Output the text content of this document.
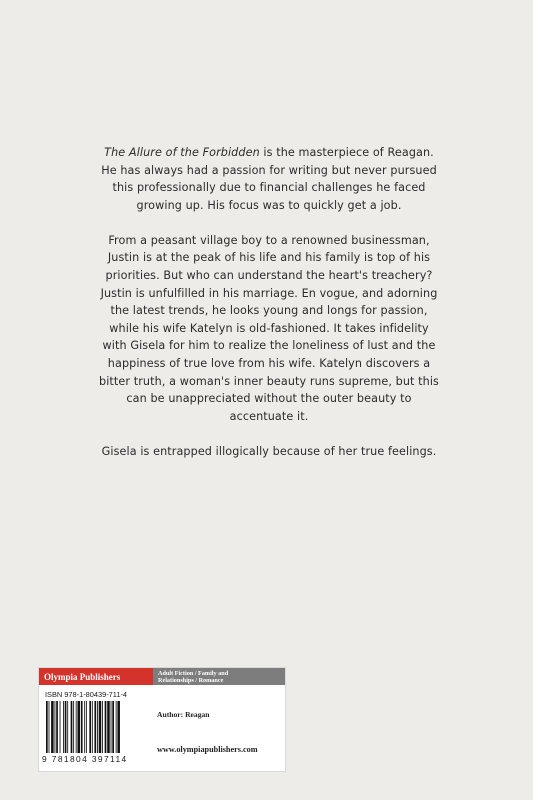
The Allure of the Forbidden is the masterpiece of Reagan. He has always had a passion for writing but never pursued this professionally due to financial challenges he faced growing up. His focus was to quickly get a job.

From a peasant village boy to a renowned businessman, Justin is at the peak of his life and his family is top of his priorities. But who can understand the heart's treachery? Justin is unfulfilled in his marriage. En vogue, and adorning the latest trends, he looks young and longs for passion, while his wife Katelyn is old-fashioned. It takes infidelity with Gisela for him to realize the loneliness of lust and the happiness of true love from his wife. Katelyn discovers a bitter truth, a woman's inner beauty runs supreme, but this can be unappreciated without the outer beauty to accentuate it.

Gisela is entrapped illogically because of her true feelings.

Olympia Publishers	Adult Fiction / Family and
Relationships / Romance
ISBN 978-1-80439-711-4
9 781804 397114
Author: Reagan
www.olympiapublishers.com
